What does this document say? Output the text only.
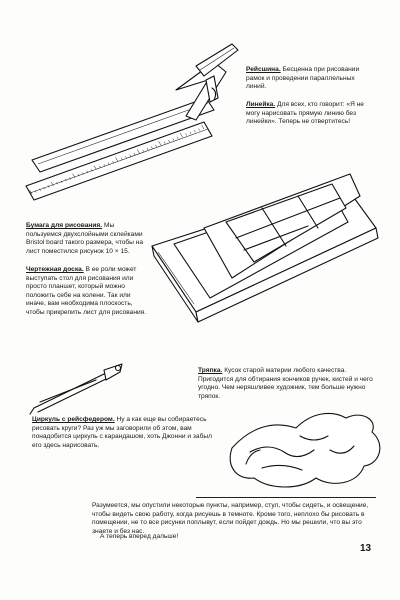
Рейсшина. Бесценна при рисовании рамок и проведении параллельных линий.

Линейка. Для всех, кто говорит: «Я не могу нарисовать прямую линию без линейки». Теперь не отвертитесь!

Бумага для рисования. Мы пользуемся двухслойными склейками Bristol board такого размера, чтобы на лист поместился рисунок 10 × 15.

Чертежная доска. В ее роли может выступать стол для рисования или просто планшет, который можно положить себе на колени. Так или иначе, вам необходима плоскость, чтобы прикрепить лист для рисования.

Тряпка. Кусок старой материи любого качества. Пригодится для обтирания кончиков ручек, кистей и чего угодно. Чем неряшливее художник, тем больше нужно тряпок.

Циркуль с рейсфедером. Ну а как еще вы собираетесь рисовать круги? Раз уж мы заговорили об этом, вам понадобится циркуль с карандашом, хоть Джонни и забыл его здесь нарисовать.

Разумеется, мы опустили некоторые пункты, например, стул, чтобы сидеть, и освещение, чтобы видеть свою работу, когда рисуешь в темноте. Кроме того, неплохо бы рисовать в помещении, не то все рисунки поплывут, если пойдет дождь. Но мы решили, что вы это знаете и без нас.

А теперь вперед дальше!

13
